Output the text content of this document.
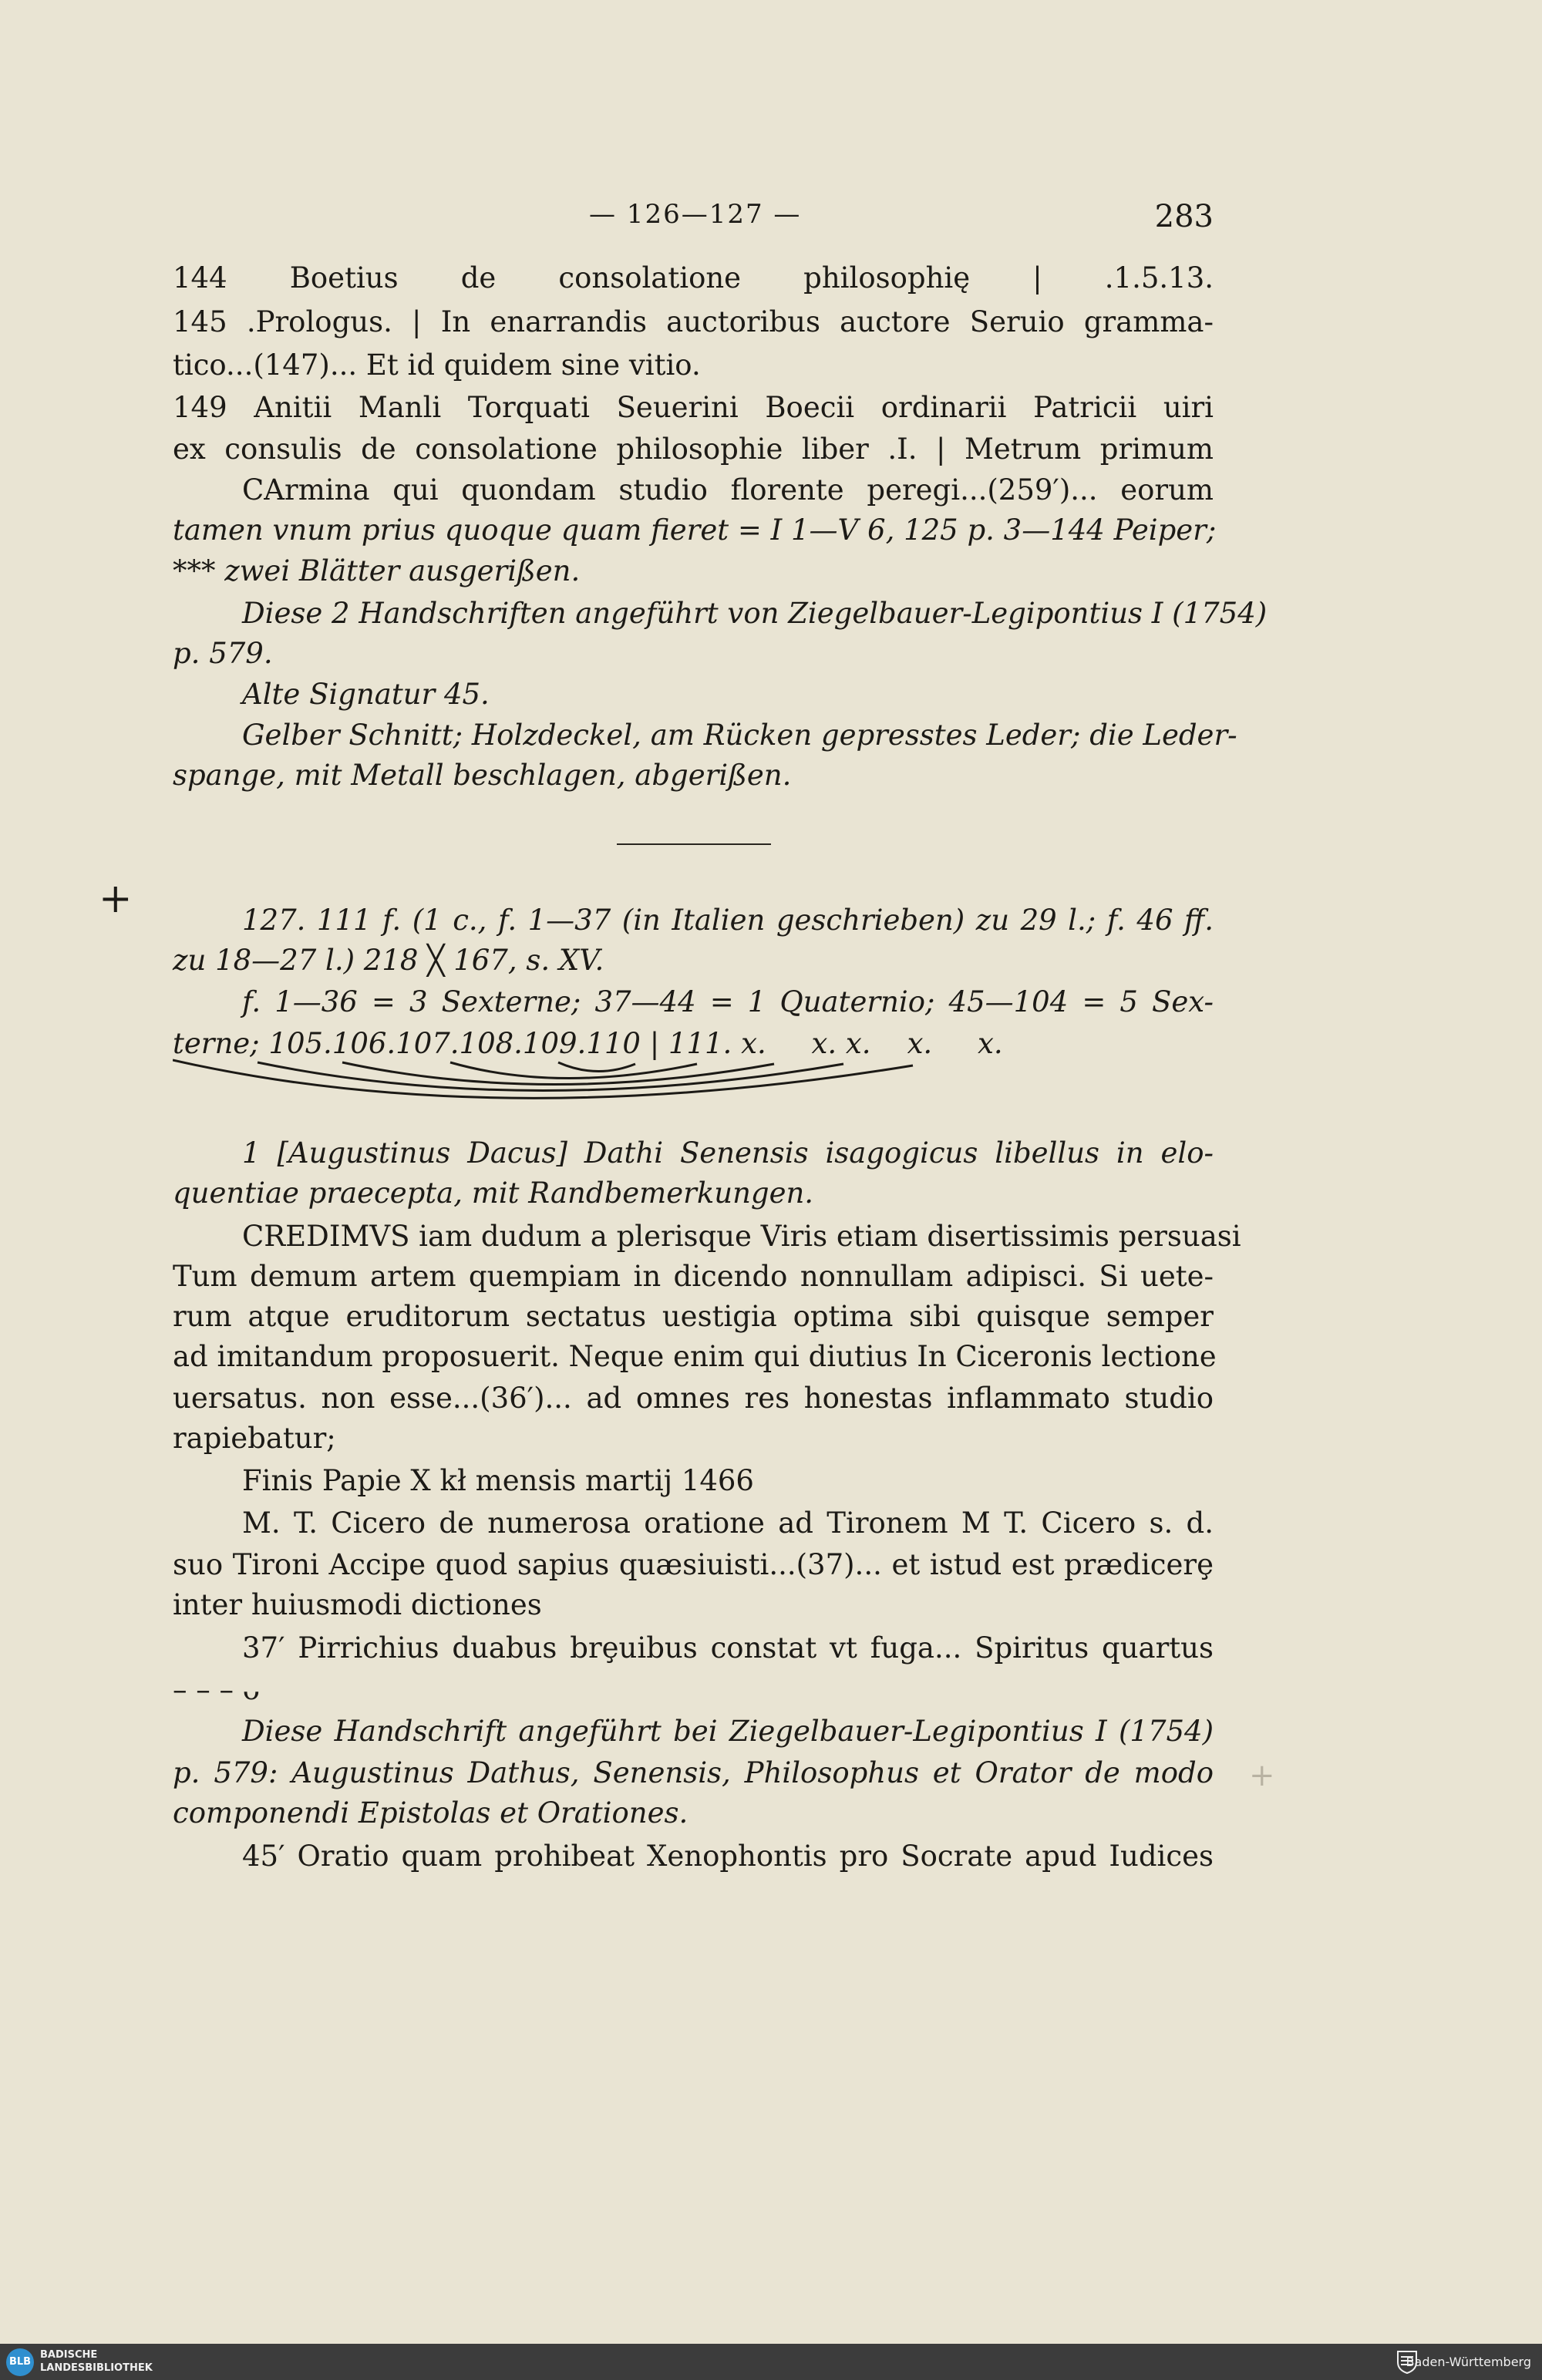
— 126—127 —	283
144 Boetius de consolatione philosophię | .1.5.13.
145 .Prologus. | In enarrandis auctoribus auctore Seruio gramma-
tico...(147)... Et id quidem sine vitio.
149 Anitii Manli Torquati Seuerini Boecii ordinarii Patricii uiri
ex consulis de consolatione philosophie liber .I. | Metrum primum
CArmina qui quondam studio florente peregi...(259′)... eorum
tamen vnum prius quoque quam fieret = I 1—V 6, 125 p. 3—144 Peiper;
*** zwei Blätter ausgerißen.
Diese 2 Handschriften angeführt von Ziegelbauer-Legipontius I (1754)
p. 579.
Alte Signatur 45.
Gelber Schnitt; Holzdeckel, am Rücken gepresstes Leder; die Leder-
spange, mit Metall beschlagen, abgerißen.
+	127. 111 f. (1 c., f. 1—37 (in Italien geschrieben) zu 29 l.; f. 46 ff.
zu 18—27 l.) 218 ╳ 167, s. XV.
f. 1—36 = 3 Sexterne; 37—44 = 1 Quaternio; 45—104 = 5 Sex-
terne; 105.106.107.108.109.110 | 111. x.     x. x.    x.     x.
1 [Augustinus Dacus] Dathi Senensis isagogicus libellus in elo-
quentiae praecepta, mit Randbemerkungen.
CREDIMVS iam dudum a plerisque Viris etiam disertissimis persuasi
Tum demum artem quempiam in dicendo nonnullam adipisci. Si uete-
rum atque eruditorum sectatus uestigia optima sibi quisque semper
ad imitandum proposuerit. Neque enim qui diutius In Ciceronis lectione
uersatus. non esse...(36′)... ad omnes res honestas inflammato studio
rapiebatur;
Finis Papie X kł mensis martij 1466
M. T. Cicero de numerosa oratione ad Tironem M T. Cicero s. d.
suo Tironi Accipe quod sapius quæsiuisti...(37)... et istud est prædicerȩ
inter huiusmodi dictiones
37′ Pirrichius duabus brȩuibus constat vt fuga... Spiritus quartus
– – – ᴗ
Diese Handschrift angeführt bei Ziegelbauer-Legipontius I (1754)
p. 579: Augustinus Dathus, Senensis, Philosophus et Orator de modo
componendi Epistolas et Orationes.
45′ Oratio quam prohibeat Xenophontis pro Socrate apud Iudices
+
BLB
BADISCHE
LANDESBIBLIOTHEK	Baden-Württemberg
